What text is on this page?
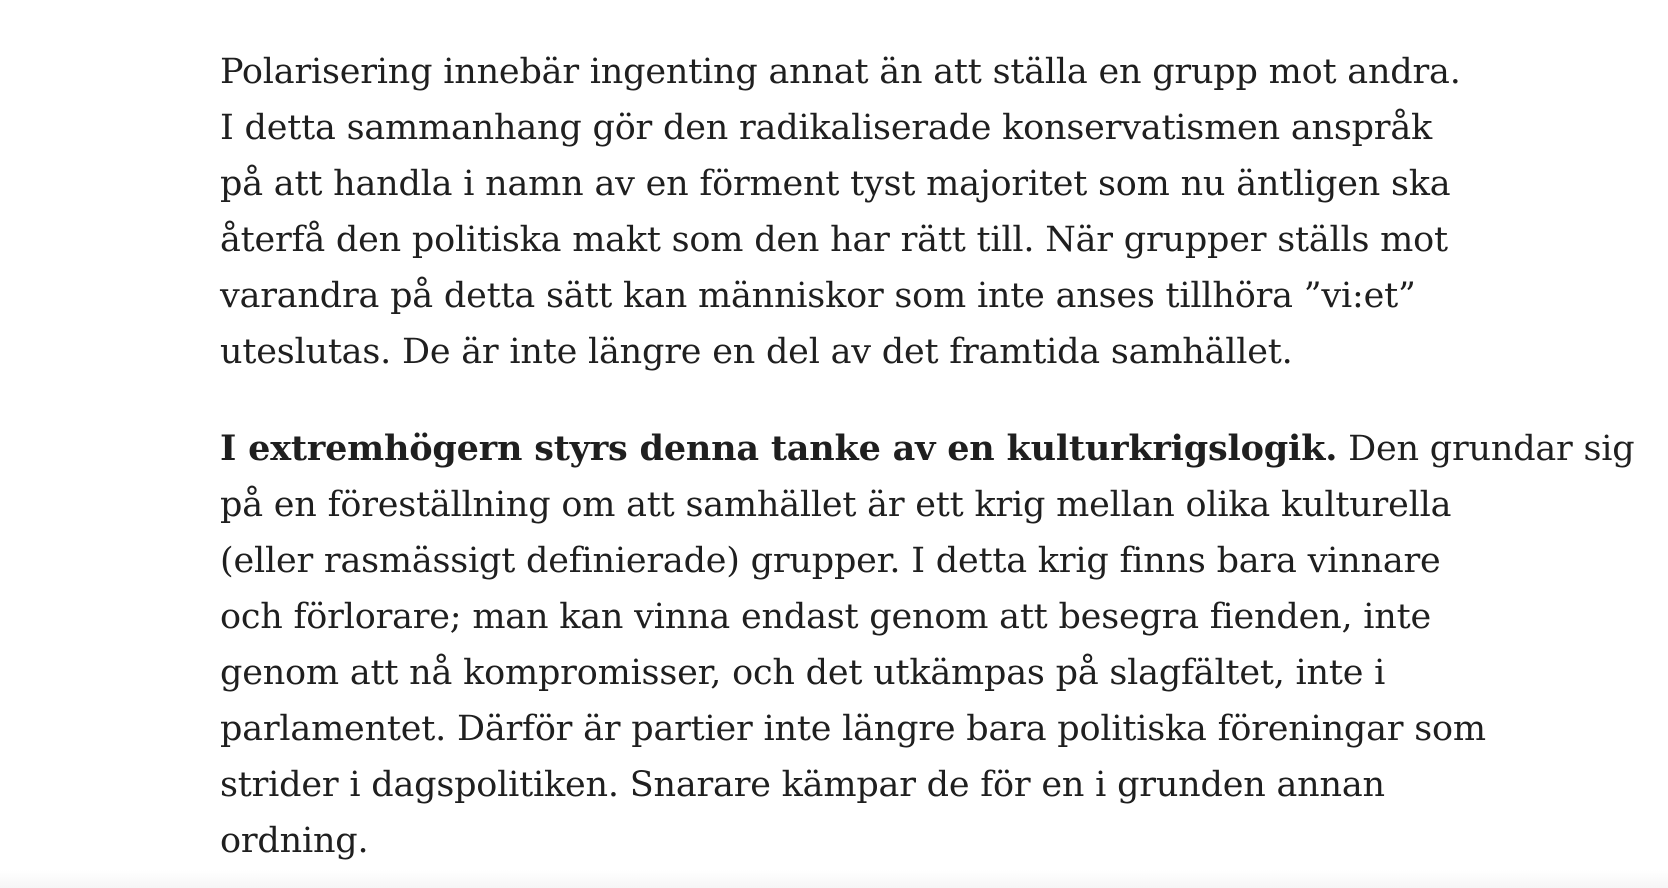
Polarisering innebär ingenting annat än att ställa en grupp mot andra.
I detta sammanhang gör den radikaliserade konservatismen anspråk
på att handla i namn av en förment tyst majoritet som nu äntligen ska
återfå den politiska makt som den har rätt till. När grupper ställs mot
varandra på detta sätt kan människor som inte anses tillhöra ”vi:et”
uteslutas. De är inte längre en del av det framtida samhället.

I extremhögern styrs denna tanke av en kulturkrigslogik. Den grundar sig
på en föreställning om att samhället är ett krig mellan olika kulturella
(eller rasmässigt definierade) grupper. I detta krig finns bara vinnare
och förlorare; man kan vinna endast genom att besegra fienden, inte
genom att nå kompromisser, och det utkämpas på slagfältet, inte i
parlamentet. Därför är partier inte längre bara politiska föreningar som
strider i dagspolitiken. Snarare kämpar de för en i grunden annan
ordning.
